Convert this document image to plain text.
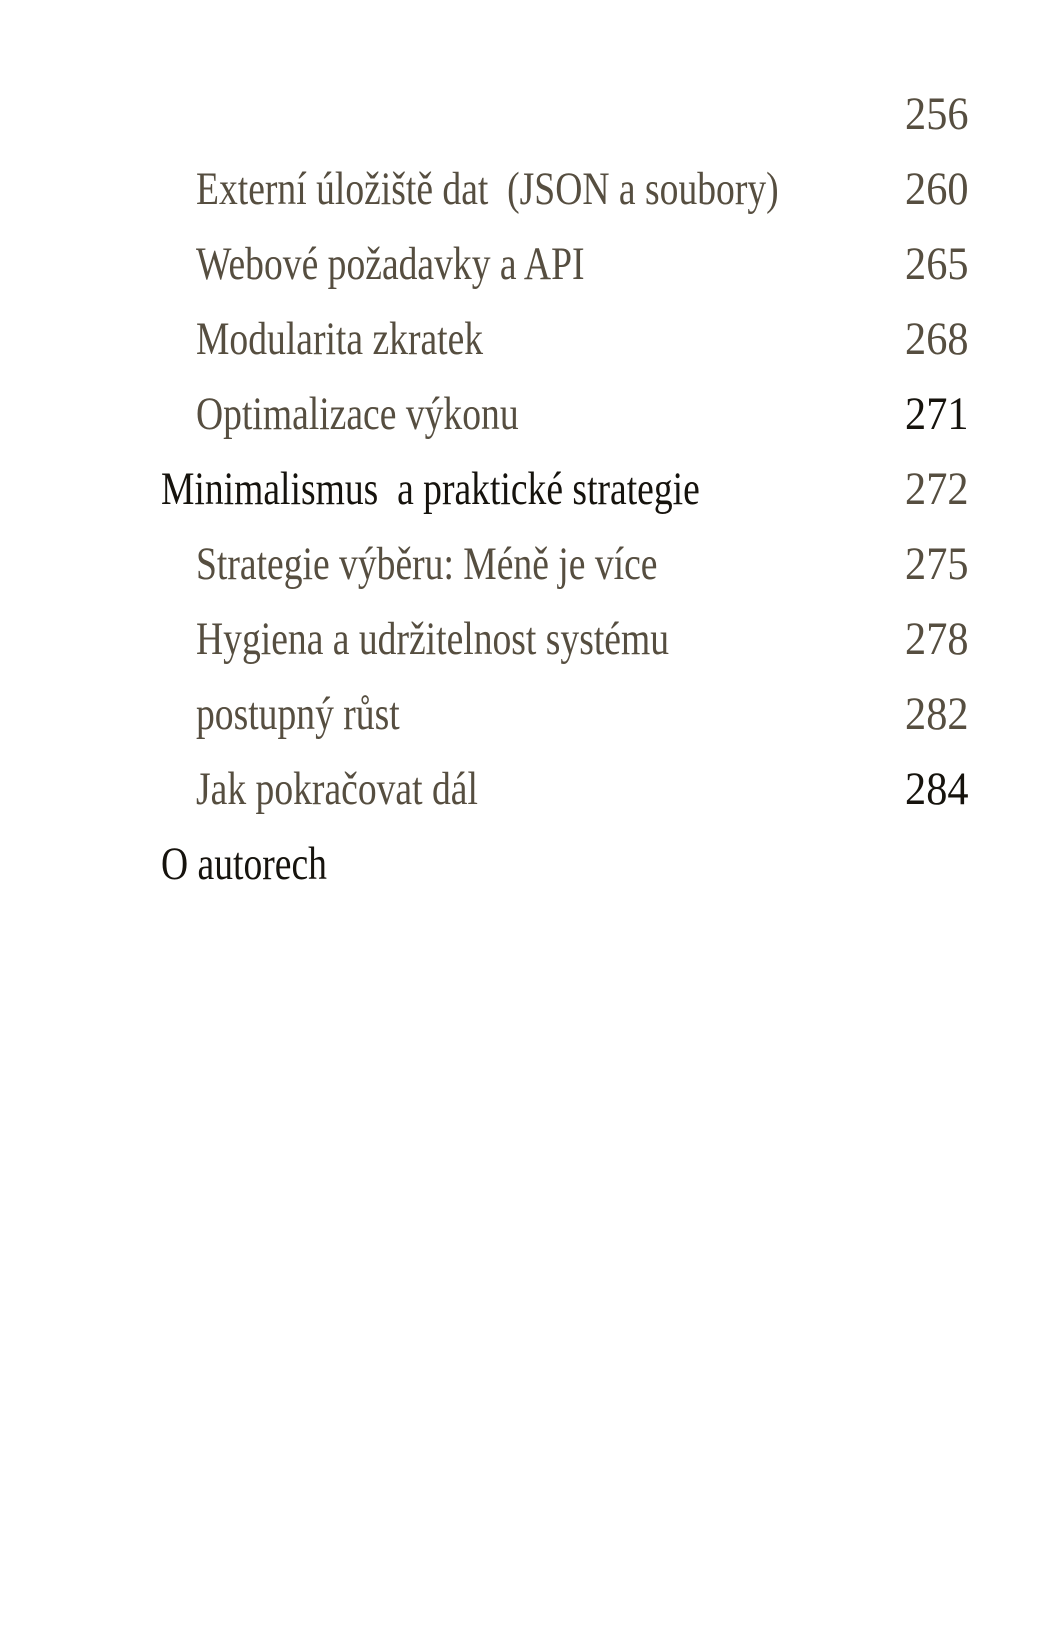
Externí úložiště dat  (JSON a soubory)

256

Webové požadavky a API

260

Modularita zkratek

265

Optimalizace výkonu

268

Minimalismus  a praktické strategie

271

Strategie výběru: Méně je více

272

Hygiena a udržitelnost systému

275

postupný růst

278

Jak pokračovat dál

282

O autorech

284
